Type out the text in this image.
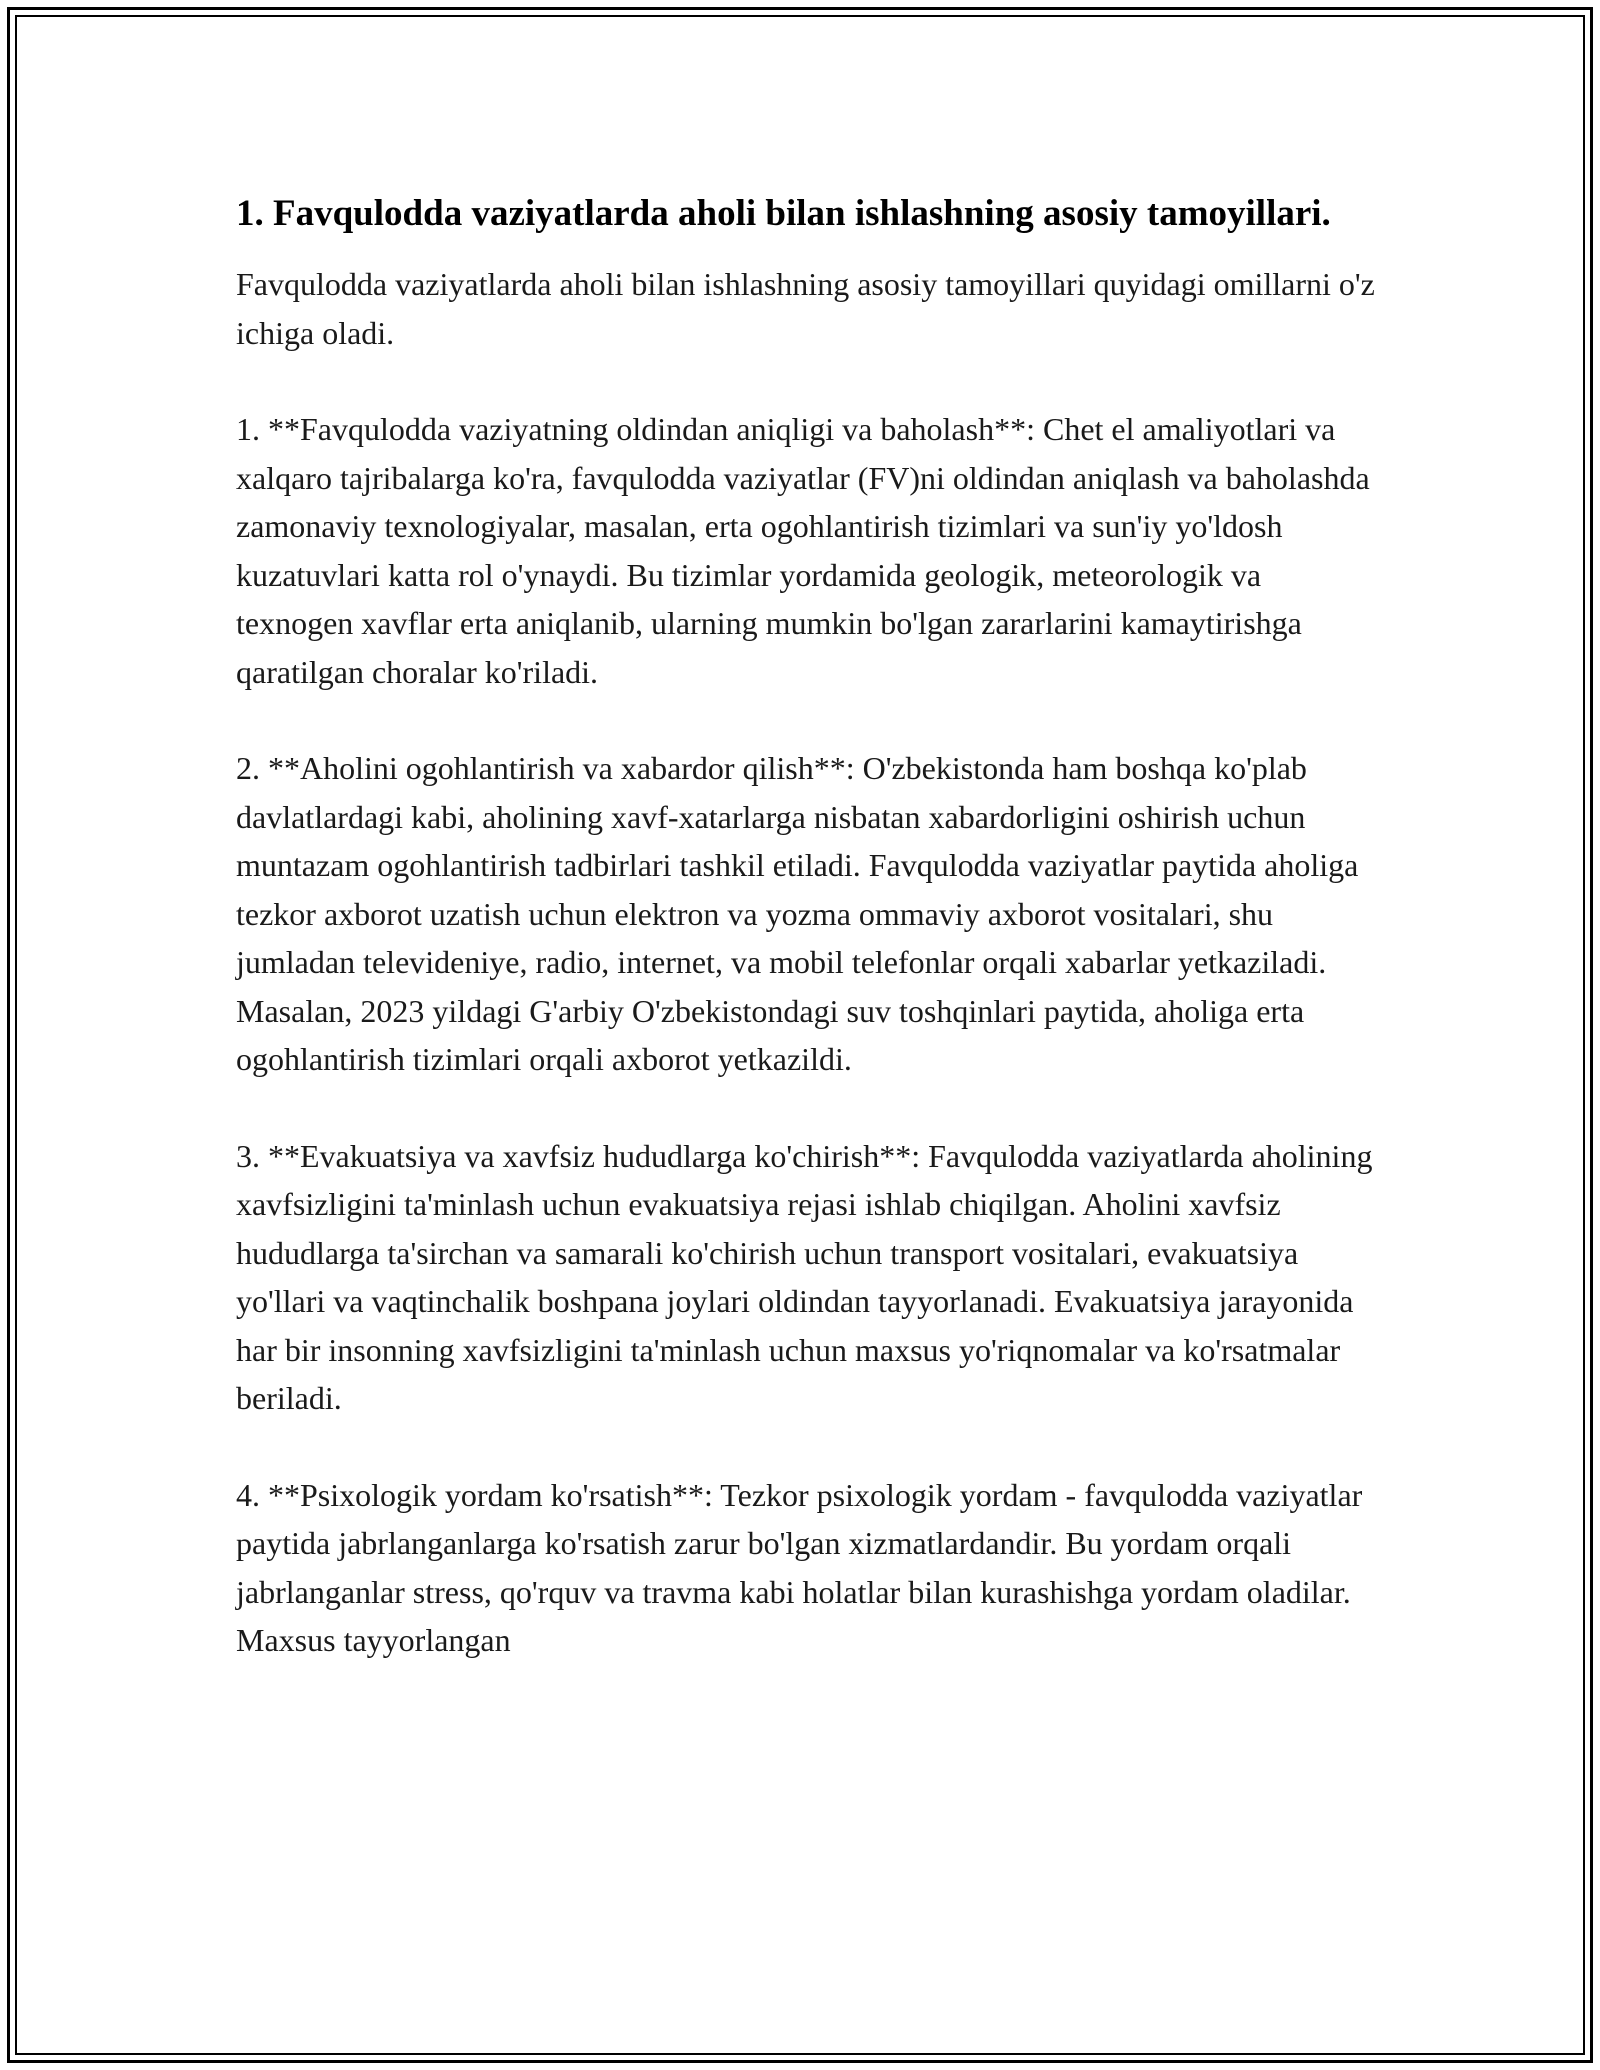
1. Favqulodda vaziyatlarda aholi bilan ishlashning asosiy tamoyillari.

Favqulodda vaziyatlarda aholi bilan ishlashning asosiy tamoyillari quyidagi omillarni o'z ichiga oladi.

1. **Favqulodda vaziyatning oldindan aniqligi va baholash**: Chet el amaliyotlari va xalqaro tajribalarga ko'ra, favqulodda vaziyatlar (FV)ni oldindan aniqlash va baholashda zamonaviy texnologiyalar, masalan, erta ogohlantirish tizimlari va sun'iy yo'ldosh kuzatuvlari katta rol o'ynaydi. Bu tizimlar yordamida geologik, meteorologik va texnogen xavflar erta aniqlanib, ularning mumkin bo'lgan zararlarini kamaytirishga qaratilgan choralar ko'riladi.

2. **Aholini ogohlantirish va xabardor qilish**: O'zbekistonda ham boshqa ko'plab davlatlardagi kabi, aholining xavf-xatarlarga nisbatan xabardorligini oshirish uchun muntazam ogohlantirish tadbirlari tashkil etiladi. Favqulodda vaziyatlar paytida aholiga tezkor axborot uzatish uchun elektron va yozma ommaviy axborot vositalari, shu jumladan televideniye, radio, internet, va mobil telefonlar orqali xabarlar yetkaziladi. Masalan, 2023 yildagi G'arbiy O'zbekistondagi suv toshqinlari paytida, aholiga erta ogohlantirish tizimlari orqali axborot yetkazildi.

3. **Evakuatsiya va xavfsiz hududlarga ko'chirish**: Favqulodda vaziyatlarda aholining xavfsizligini ta'minlash uchun evakuatsiya rejasi ishlab chiqilgan. Aholini xavfsiz hududlarga ta'sirchan va samarali ko'chirish uchun transport vositalari, evakuatsiya yo'llari va vaqtinchalik boshpana joylari oldindan tayyorlanadi. Evakuatsiya jarayonida har bir insonning xavfsizligini ta'minlash uchun maxsus yo'riqnomalar va ko'rsatmalar beriladi.

4. **Psixologik yordam ko'rsatish**: Tezkor psixologik yordam - favqulodda vaziyatlar paytida jabrlanganlarga ko'rsatish zarur bo'lgan xizmatlardandir. Bu yordam orqali jabrlanganlar stress, qo'rquv va travma kabi holatlar bilan kurashishga yordam oladilar. Maxsus tayyorlangan
